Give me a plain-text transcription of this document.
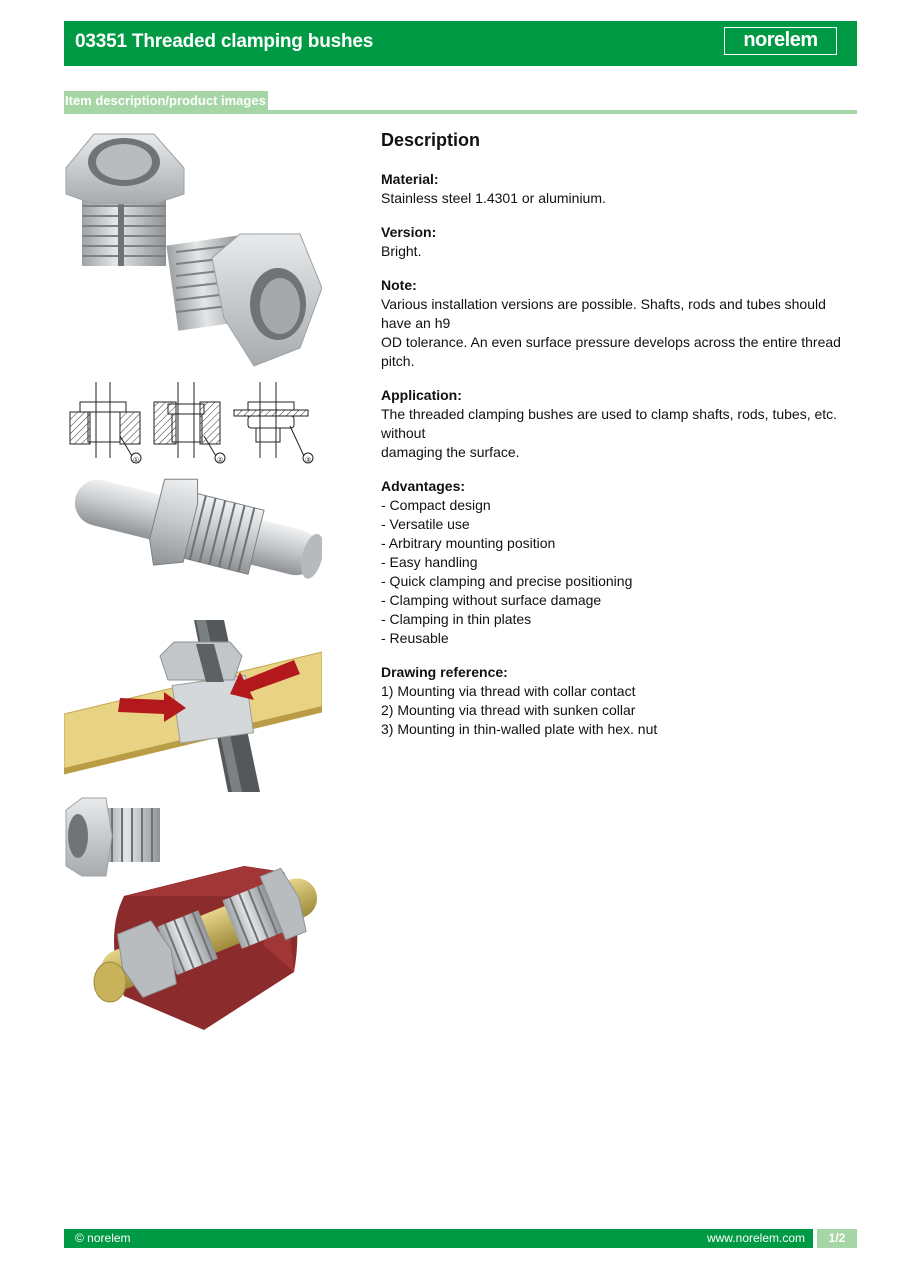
03351 Threaded clamping bushes	norelem
Item description/product images
①	②	③
Description
Material:
Stainless steel 1.4301 or aluminium.
Version:
Bright.
Note:
Various installation versions are possible. Shafts, rods and tubes should have an h9
OD tolerance. An even surface pressure develops across the entire thread pitch.
Application:
The threaded clamping bushes are used to clamp shafts, rods, tubes, etc. without
damaging the surface.
Advantages:
- Compact design
- Versatile use
- Arbitrary mounting position
- Easy handling
- Quick clamping and precise positioning
- Clamping without surface damage
- Clamping in thin plates
- Reusable
Drawing reference:
1) Mounting via thread with collar contact
2) Mounting via thread with sunken collar
3) Mounting in thin-walled plate with hex. nut
© norelem	www.norelem.com	1/2
